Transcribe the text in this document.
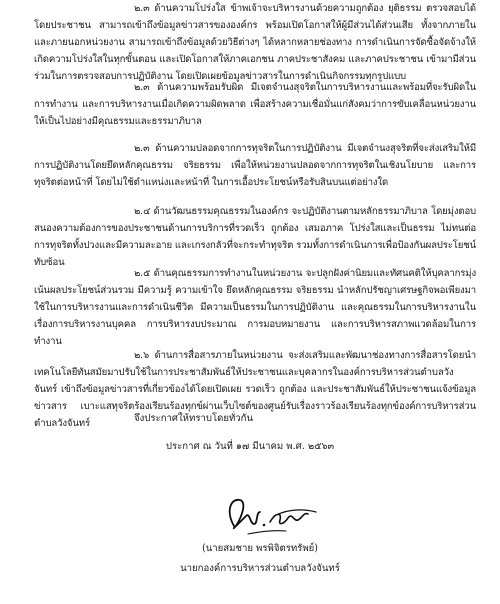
๒.๓ ด้านความโปร่งใส ข้าพเจ้าจะบริหารงานด้วยความถูกต้อง ยุติธรรม ตรวจสอบได้ โดยประชาชน สามารถเข้าถึงข้อมูลข่าวสารขององค์กร พร้อมเปิดโอกาสให้ผู้มีส่วนได้ส่วนเสีย ทั้งจากภายในและภายนอกหน่วยงาน สามารถเข้าถึงข้อมูลด้วยวิธีต่างๆ ได้หลากหลายช่องทาง การดำเนินการจัดซื้อจัดจ้างให้เกิดความโปร่งใสในทุกขั้นตอน และเปิดโอกาสให้ภาคเอกชน ภาคประชาสังคม และภาคประชาชน เข้ามามีส่วนร่วมในการตรวจสอบการปฏิบัติงาน โดยเปิดเผยข้อมูลข่าวสารในการดำเนินกิจกรรมทุกรูปแบบ

๒.๓ ด้านความพร้อมรับผิด มีเจตจำนงสุจริตในการบริหารงานและพร้อมที่จะรับผิดในการทำงาน และการบริหารงานเมื่อเกิดความผิดพลาด เพื่อสร้างความเชื่อมั่นแก่สังคมว่าการขับเคลื่อนหน่วยงานให้เป็นไปอย่างมีคุณธรรมและธรรมาภิบาล

๒.๓ ด้านความปลอดจากการทุจริตในการปฏิบัติงาน มีเจตจำนงสุจริตที่จะส่งเสริมให้มีการปฏิบัติงานโดยยึดหลักคุณธรรม จริยธรรม เพื่อให้หน่วยงานปลอดจากการทุจริตในเชิงนโยบาย และการทุจริตต่อหน้าที่ โดยไม่ใช้ตำแหน่งและหน้าที่ ในการเอื้อประโยชน์หรือรับสินบนแต่อย่างใด

๒.๔ ด้านวัฒนธรรมคุณธรรมในองค์กร จะปฏิบัติงานตามหลักธรรมาภิบาล โดยมุ่งตอบสนองความต้องการของประชาชนด้านการบริการที่รวดเร็ว ถูกต้อง เสมอภาค โปร่งใสและเป็นธรรม ไม่ทนต่อการทุจริตทั้งปวงและมีความละอาย และเกรงกลัวที่จะกระทำทุจริต รวมทั้งการดำเนินการเพื่อป้องกันผลประโยชน์ทับซ้อน

๒.๕ ด้านคุณธรรมการทำงานในหน่วยงาน จะปลูกฝังค่านิยมและทัศนคติให้บุคลากรมุ่งเน้นผลประโยชน์ส่วนรวม มีความรู้ ความเข้าใจ ยึดหลักคุณธรรม จริยธรรม นำหลักปรัชญาเศรษฐกิจพอเพียงมาใช้ในการบริหารงานและการดำเนินชีวิต มีความเป็นธรรมในการปฏิบัติงาน และคุณธรรมในการบริหารงานในเรื่องการบริหารงานบุคคล การบริหารงบประมาณ การมอบหมายงาน และการบริหารสภาพแวดล้อมในการทำงาน

๒.๖ ด้านการสื่อสารภายในหน่วยงาน จะส่งเสริมและพัฒนาช่องทางการสื่อสารโดยนำเทคโนโลยีทันสมัยมาปรับใช้ในการประชาสัมพันธ์ให้ประชาชนและบุคลากรในองค์การบริหารส่วนตำบลวังจันทร์ เข้าถึงข้อมูลข่าวสารที่เกี่ยวข้องได้โดยเปิดเผย รวดเร็ว ถูกต้อง และประชาสัมพันธ์ให้ประชาชนแจ้งข้อมูลข่าวสาร เบาะแสทุจริตร้องเรียนร้องทุกข์ผ่านเว็บไซต์ของศูนย์รับเรื่องราวร้องเรียนร้องทุกข์องค์การบริหารส่วนตำบลวังจันทร์	จึงประกาศให้ทราบโดยทั่วกัน
ประกาศ ณ วันที่ ๑๗ มีนาคม พ.ศ. ๒๕๖๓
(นายสมชาย พรพิจิตรทรัพย์)
นายกองค์การบริหารส่วนตำบลวังจันทร์
